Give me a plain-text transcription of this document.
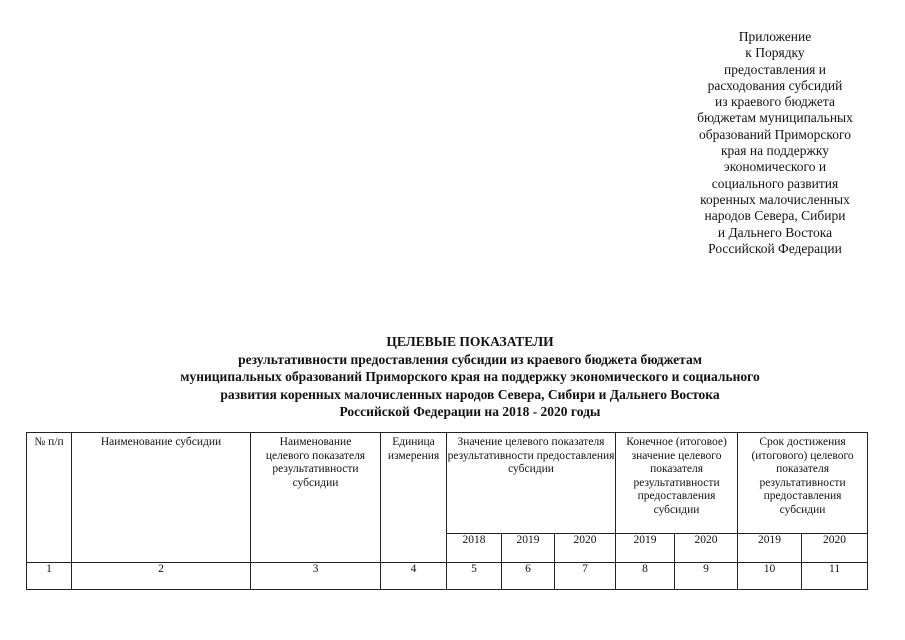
Приложение
к Порядку
предоставления и
расходования субсидий
из краевого бюджета
бюджетам муниципальных
образований Приморского
края на поддержку
экономического и
социального развития
коренных малочисленных
народов Севера, Сибири
и Дальнего Востока
Российской Федерации
ЦЕЛЕВЫЕ ПОКАЗАТЕЛИ
результативности предоставления субсидии из краевого бюджета бюджетам
муниципальных образований Приморского края на поддержку экономического и социального
развития коренных малочисленных народов Севера, Сибири и Дальнего Востока
Российской Федерации на 2018 - 2020 годы
№ п/п	Наименование субсидии	Наименование целевого показателя результативности субсидии	Единица измерения	Значение целевого показателя результативности предоставления субсидии			Конечное (итоговое) значение целевого показателя результативности предоставления субсидии		Срок достижения (итогового) целевого показателя результативности предоставления субсидии	

				2018	2019	2020	2019	2020	2019	2020
1	2	3	4	5	6	7	8	9	10	11
